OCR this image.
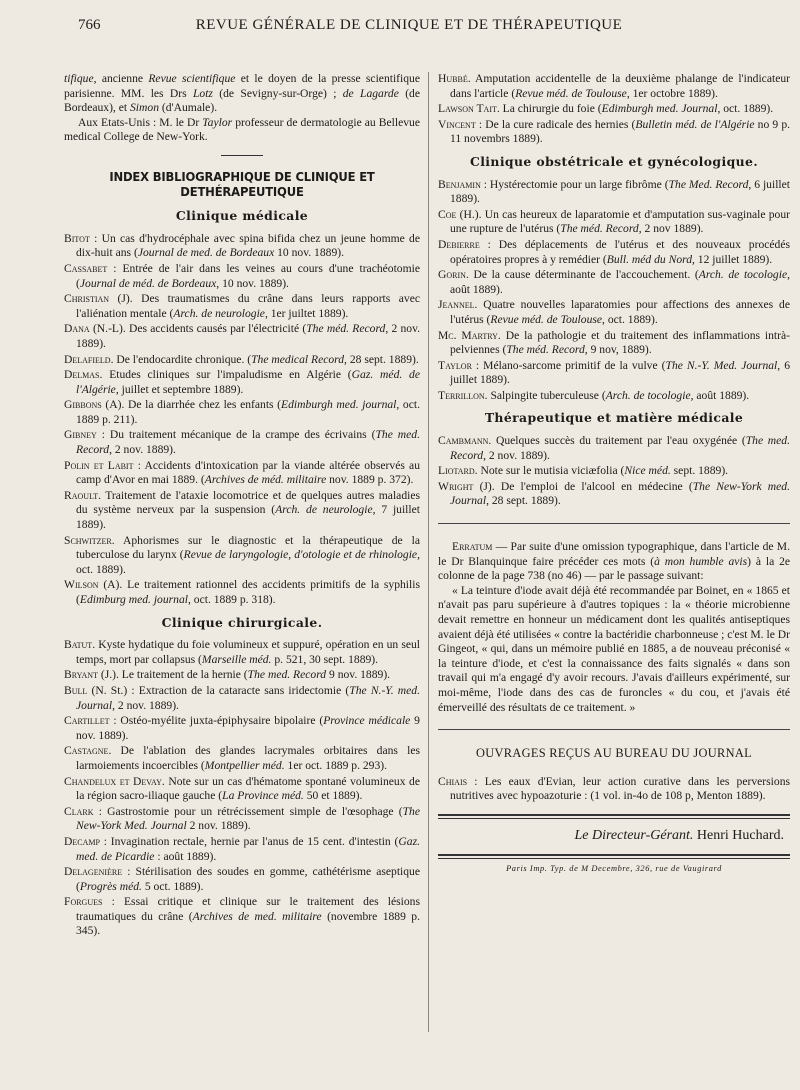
766	REVUE GÉNÉRALE DE CLINIQUE ET DE THÉRAPEUTIQUE

tifique, ancienne Revue scientifique et le doyen de la presse scientifique parisienne. MM. les Drs Lotz (de Sevigny-sur-Orge) ; de Lagarde (de Bordeaux), et Simon (d'Aumale).

Aux Etats-Unis : M. le Dr Taylor professeur de dermatologie au Bellevue medical College de New-York.

INDEX BIBLIOGRAPHIQUE DE CLINIQUE ET DETHÉRAPEUTIQUE
Clinique médicale
Bitot : Un cas d'hydrocéphale avec spina bifida chez un jeune homme de dix-huit ans (Journal de med. de Bordeaux 10 nov. 1889).
Cassabet : Entrée de l'air dans les veines au cours d'une trachéotomie (Journal de méd. de Bordeaux, 10 nov. 1889).
Christian (J). Des traumatismes du crâne dans leurs rapports avec l'aliénation mentale (Arch. de neurologie, 1er juiltet 1889).
Dana (N.-L). Des accidents causés par l'électricité (The méd. Record, 2 nov. 1889).
Delafield. De l'endocardite chronique. (The medical Record, 28 sept. 1889).
Delmas. Etudes cliniques sur l'impaludisme en Algérie (Gaz. méd. de l'Algérie, juillet et septembre 1889).
Gibbons (A). De la diarrhée chez les enfants (Edimburgh med. journal, oct. 1889 p. 211).
Gibney : Du traitement mécanique de la crampe des écrivains (The med. Record, 2 nov. 1889).
Polin et Labit : Accidents d'intoxication par la viande altérée observés au camp d'Avor en mai 1889. (Archives de méd. militaire nov. 1889 p. 372).
Raoult. Traitement de l'ataxie locomotrice et de quelques autres maladies du système nerveux par la suspension (Arch. de neurologie, 7 juillet 1889).
Schwitzer. Aphorismes sur le diagnostic et la thérapeutique de la tuberculose du larynx (Revue de laryngologie, d'otologie et de rhinologie, oct. 1889).
Wilson (A). Le traitement rationnel des accidents primitifs de la syphilis (Edimburg med. journal, oct. 1889 p. 318).
Clinique chirurgicale.
Batut. Kyste hydatique du foie volumineux et suppuré, opération en un seul temps, mort par collapsus (Marseille méd. p. 521, 30 sept. 1889).
Bryant (J.). Le traitement de la hernie (The med. Record 9 nov. 1889).
Bull (N. St.) : Extraction de la cataracte sans iridectomie (The N.-Y. med. Journal, 2 nov. 1889).
Cartillet : Ostéo-myélite juxta-épiphysaire bipolaire (Province médicale 9 nov. 1889).
Castagne. De l'ablation des glandes lacrymales orbitaires dans les larmoiements incoercibles (Montpellier méd. 1er oct. 1889 p. 293).
Chandelux et Devay. Note sur un cas d'hématome spontané volumineux de la région sacro-iliaque gauche (La Province méd. 50 et 1889).
Clark : Gastrostomie pour un rétrécissement simple de l'œsophage (The New-York Med. Journal 2 nov. 1889).
Decamp : Invagination rectale, hernie par l'anus de 15 cent. d'intestin (Gaz. med. de Picardie : août 1889).
Delagenière : Stérilisation des soudes en gomme, cathétérisme aseptique (Progrès méd. 5 oct. 1889).
Forgues : Essai critique et clinique sur le traitement des lésions traumatiques du crâne (Archives de med. militaire (novembre 1889 p. 345).
Hubbé. Amputation accidentelle de la deuxième phalange de l'indicateur dans l'article (Revue méd. de Toulouse, 1er octobre 1889).
Lawson Tait. La chirurgie du foie (Edimburgh med. Journal, oct. 1889).
Vincent : De la cure radicale des hernies (Bulletin méd. de l'Algérie no 9 p. 11 novembrs 1889).
Clinique obstétricale et gynécologique.
Benjamin : Hystérectomie pour un large fibrôme (The Med. Record, 6 juillet 1889).
Coe (H.). Un cas heureux de laparatomie et d'amputation sus-vaginale pour une rupture de l'utérus (The méd. Record, 2 nov 1889).
Debierre : Des déplacements de l'utérus et des nouveaux procédés opératoires propres à y remédier (Bull. méd du Nord, 12 juillet 1889).
Gorin. De la cause déterminante de l'accouchement. (Arch. de tocologie, août 1889).
Jeannel. Quatre nouvelles laparatomies pour affections des annexes de l'utérus (Revue méd. de Toulouse, oct. 1889).
Mc. Martry. De la pathologie et du traitement des inflammations intrà-pelviennes (The méd. Record, 9 nov, 1889).
Taylor : Mélano-sarcome primitif de la vulve (The N.-Y. Med. Journal, 6 juillet 1889).
Terrillon. Salpingite tuberculeuse (Arch. de tocologie, août 1889).
Thérapeutique et matière médicale
Cambmann. Quelques succès du traitement par l'eau oxygénée (The med. Record, 2 nov. 1889).
Liotard. Note sur le mutisia viciæfolia (Nice méd. sept. 1889).
Wright (J). De l'emploi de l'alcool en médecine (The New-York med. Journal, 28 sept. 1889).

Erratum — Par suite d'une omission typographique, dans l'article de M. le Dr Blanquinque faire précéder ces mots (à mon humble avis) à la 2e colonne de la page 738 (no 46) — par le passage suivant:

« La teinture d'iode avait déjà été recommandée par Boinet, en « 1865 et n'avait pas paru supérieure à d'autres topiques : la « théorie microbienne devait remettre en honneur un médicament dont les qualités antiseptiques avaient déjà été utilisées « contre la bactéridie charbonneuse ; c'est M. le Dr Gingeot, « qui, dans un mémoire publié en 1885, a de nouveau préconisé « la teinture d'iode, et c'est la connaissance des faits signalés « dans son travail qui m'a engagé d'y avoir recours. J'avais d'ailleurs expérimenté, sur moi-même, l'iode dans des cas de furoncles « du cou, et j'avais été émerveillé des résultats de ce traitement. »

OUVRAGES REÇUS AU BUREAU DU JOURNAL
Chiais : Les eaux d'Evian, leur action curative dans les perversions nutritives avec hypoazoturie : (1 vol. in-4o de 108 p, Menton 1889).
Le Directeur-Gérant. Henri Huchard.
Paris Imp. Typ. de M Decembre, 326, rue de Vaugirard
